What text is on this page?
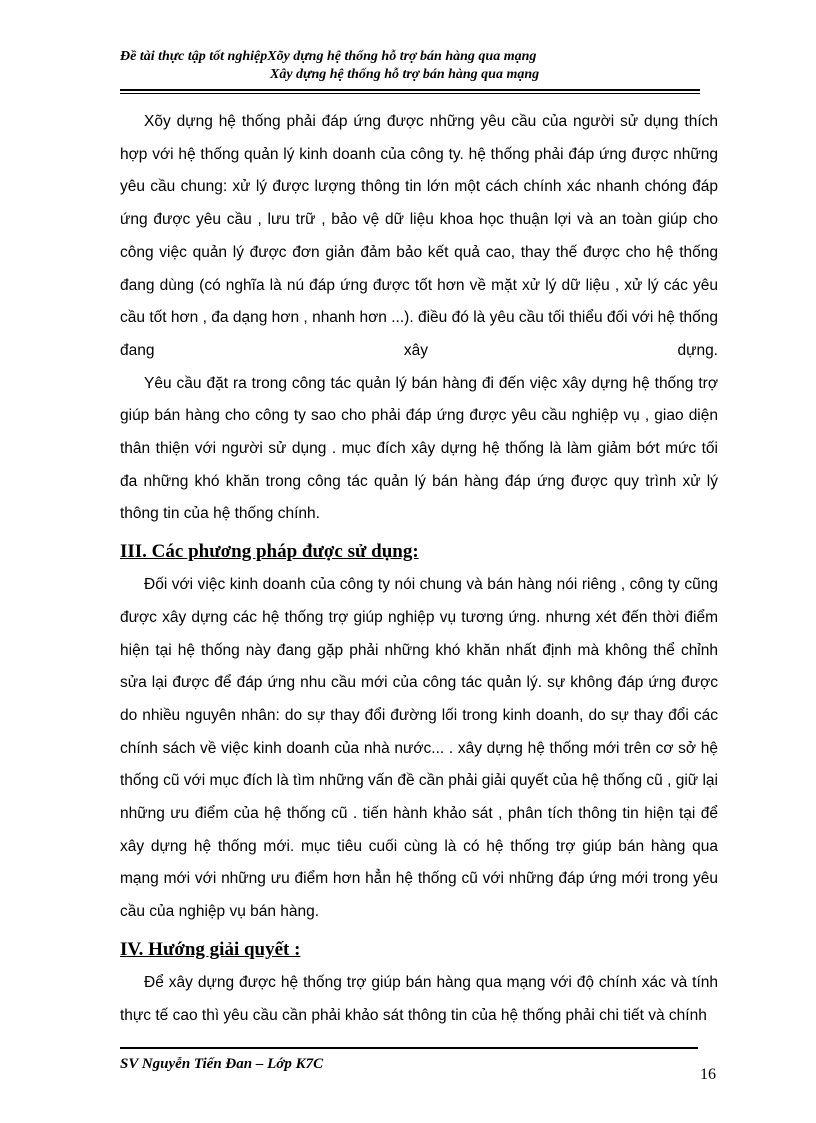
Đề tài thực tập tốt nghiệpXõy dựng hệ thống hỗ trợ bán hàng qua mạng
Xây dựng hệ thống hỗ trợ bán hàng qua mạng

Xõy dựng hệ thống phải đáp ứng được những yêu cầu của người sử dụng thích hợp với hệ thống quản lý kinh doanh của công ty. hệ thống phải đáp ứng được những yêu cầu chung: xử lý được lượng thông tin lớn một cách chính xác nhanh chóng đáp ứng được yêu cầu , lưu trữ , bảo vệ dữ liệu khoa học thuận lợi và an toàn giúp cho công việc quản lý được đơn giản đảm bảo kết quả cao, thay thế được cho hệ thống đang dùng (có nghĩa là nú đáp ứng được tốt hơn về mặt xử lý dữ liệu , xử lý các yêu cầu tốt hơn , đa dạng hơn , nhanh hơn ...). điều đó là yêu cầu tối thiểu đối với hệ thống đang xây dựng.

Yêu cầu đặt ra trong công tác quản lý bán hàng đi đến việc xây dựng hệ thống trợ giúp bán hàng cho công ty sao cho phải đáp ứng được yêu cầu nghiệp vụ , giao diện thân thiện với người sử dụng . mục đích xây dựng hệ thống là làm giảm bớt mức tối đa những khó khăn trong công tác quản lý bán hàng đáp ứng được quy trình xử lý thông tin của hệ thống chính.

III. Các phương pháp được sử dụng:

Đối với việc kinh doanh của công ty nói chung và bán hàng nói riêng , công ty cũng được xây dựng các hệ thống trợ giúp nghiệp vụ tương ứng. nhưng xét đến thời điểm hiện tại hệ thống này đang gặp phải những khó khăn nhất định mà không thể chỉnh sửa lại được để đáp ứng nhu cầu mới của công tác quản lý. sự không đáp ứng được do nhiều nguyên nhân: do sự thay đổi đường lối trong kinh doanh, do sự thay đổi các chính sách về việc kinh doanh của nhà nước... . xây dựng hệ thống mới trên cơ sở hệ thống cũ với mục đích là tìm những vấn đề cần phải giải quyết của hệ thống cũ , giữ lại những ưu điểm của hệ thống cũ . tiến hành khảo sát , phân tích thông tin hiện tại để xây dựng hệ thống mới. mục tiêu cuối cùng là có hệ thống trợ giúp bán hàng qua mạng mới với những ưu điểm hơn hẳn hệ thống cũ với những đáp ứng mới trong yêu cầu của nghiệp vụ bán hàng.

IV. Hướng giải quyết :

Để xây dựng được hệ thống trợ giúp bán hàng qua mạng với độ chính xác và tính thực tế cao thì yêu cầu cần phải khảo sát thông tin của hệ thống phải chi tiết và chính

SV Nguyễn Tiến Đan – Lớp K7C
16
